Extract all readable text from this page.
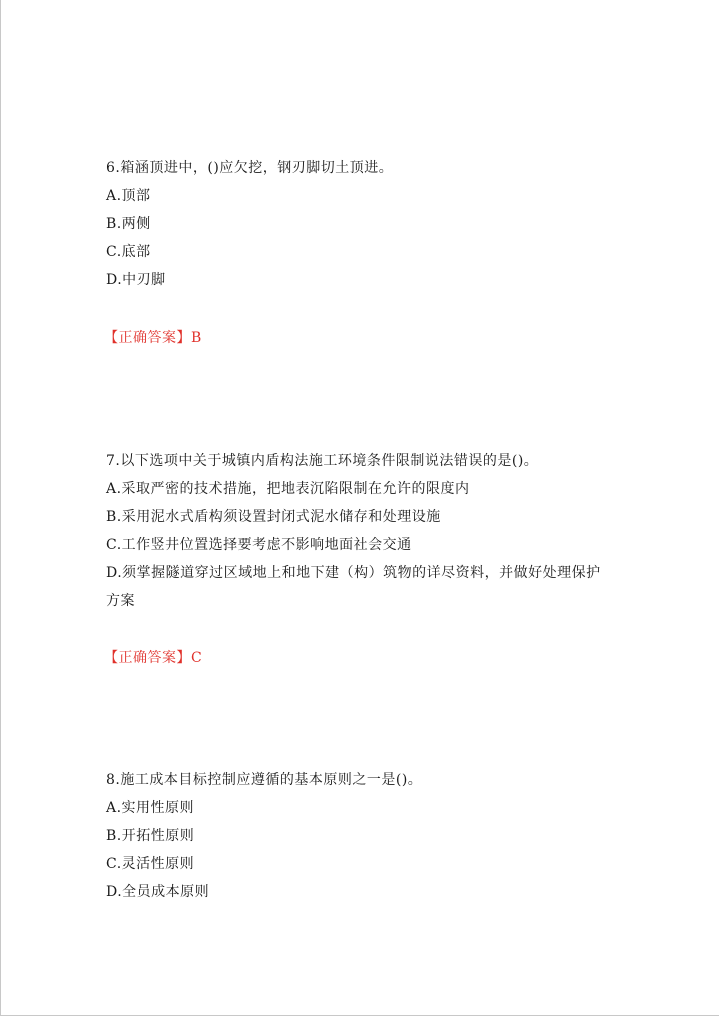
6.箱涵顶进中，()应欠挖，钢刃脚切土顶进。
A.顶部
B.两侧
C.底部
D.中刃脚
【正确答案】B
7.以下选项中关于城镇内盾构法施工环境条件限制说法错误的是()。
A.采取严密的技术措施，把地表沉陷限制在允许的限度内
B.采用泥水式盾构须设置封闭式泥水储存和处理设施
C.工作竖井位置选择要考虑不影响地面社会交通
D.须掌握隧道穿过区域地上和地下建（构）筑物的详尽资料，并做好处理保护方案
【正确答案】C
8.施工成本目标控制应遵循的基本原则之一是()。
A.实用性原则
B.开拓性原则
C.灵活性原则
D.全员成本原则
